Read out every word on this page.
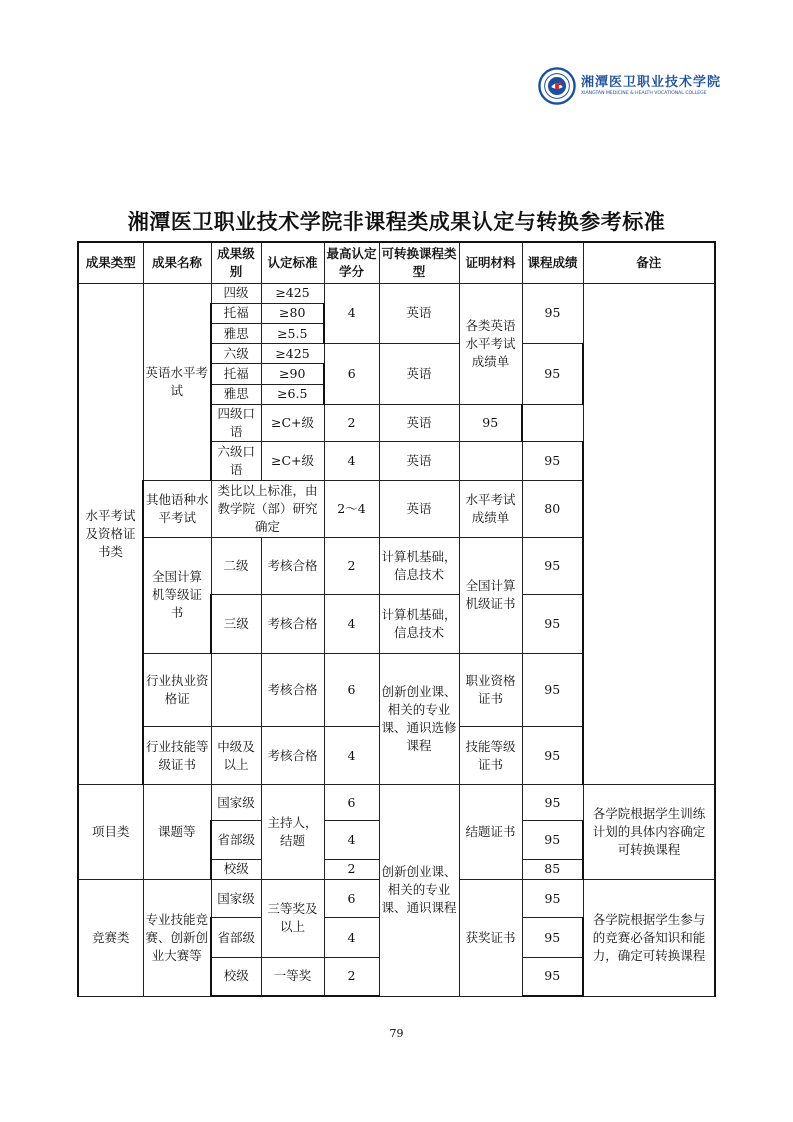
湘潭医卫职业技术学院
XIANGTAN MEDICINE & HEALTH VOCATIONAL COLLEGE
湘潭医卫职业技术学院非课程类成果认定与转换参考标准
成果类型	成果名称	成果级别	认定标准	最高认定学分	可转换课程类型	证明材料	课程成绩	备注
水平考试及资格证书类	英语水平考试	四级	≥425	4	英语	各类英语水平考试成绩单	95	
		托福	≥80					
		雅思	≥5.5					
		六级	≥425	6	英语		95	
		托福	≥90					
		雅思	≥6.5					
		四级口语	≥C+级	2	英语	95		
		六级口语	≥C+级	4	英语		95	
	其他语种水平考试	类比以上标准，由教学院（部）研究确定		2～4	英语	水平考试成绩单	80	
	全国计算机等级证书	二级	考核合格	2	计算机基础，信息技术	全国计算机级证书	95	
		三级	考核合格	4	计算机基础，信息技术		95	
	行业执业资格证		考核合格	6	创新创业课、相关的专业课、通识选修课程	职业资格证书	95	

	行业技能等级证书	中级及以上	考核合格	4		技能等级证书	95	
项目类	课题等	国家级	主持人，结题	6	创新创业课、相关的专业课、通识课程	结题证书	95	各学院根据学生训练计划的具体内容确定可转换课程
		省部级		4			95	
		校级		2			85	
竞赛类	专业技能竞赛、创新创业大赛等	国家级	三等奖及以上	6		获奖证书	95	各学院根据学生参与的竞赛必备知识和能力，确定可转换课程
		省部级		4			95	
		校级	一等奖	2			95	
79
